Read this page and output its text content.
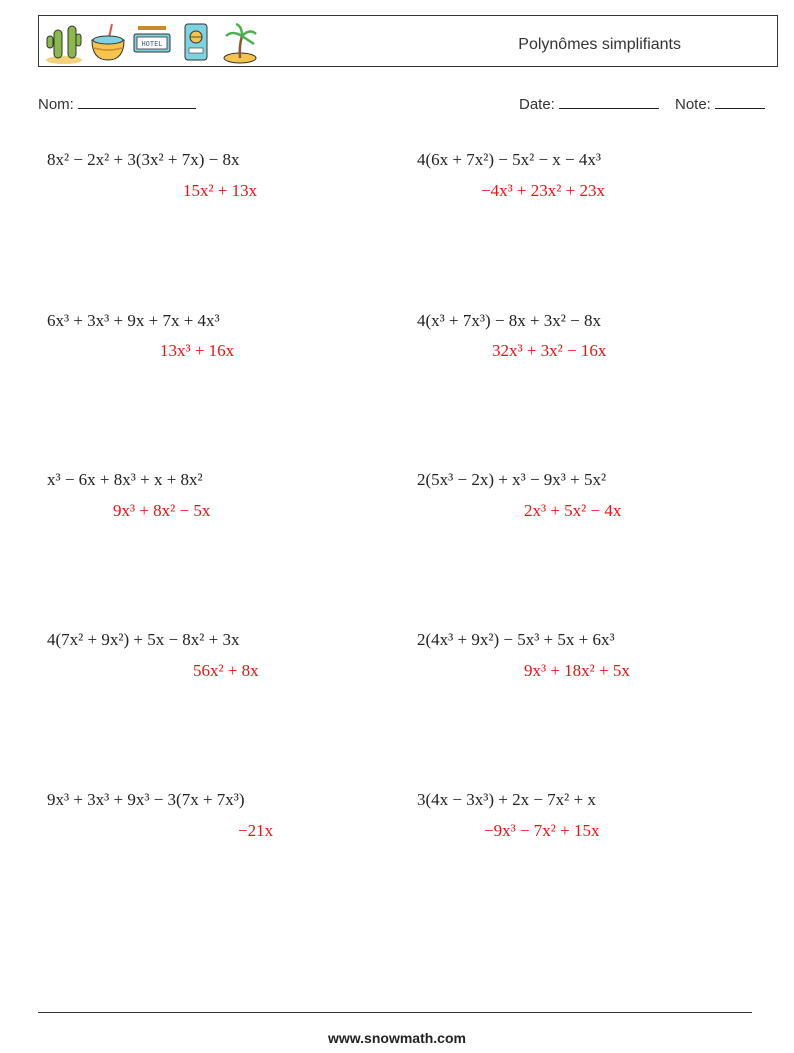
HOTEL	Polynômes simplifiants
Nom:	Date:	Note:
8x² − 2x² + 3(3x² + 7x) − 8x
15x² + 13x
6x³ + 3x³ + 9x + 7x + 4x³
13x³ + 16x
x³ − 6x + 8x³ + x + 8x²
9x³ + 8x² − 5x
4(7x² + 9x²) + 5x − 8x² + 3x
56x² + 8x
9x³ + 3x³ + 9x³ − 3(7x + 7x³)
−21x
4(6x + 7x²) − 5x² − x − 4x³
−4x³ + 23x² + 23x
4(x³ + 7x³) − 8x + 3x² − 8x
32x³ + 3x² − 16x
2(5x³ − 2x) + x³ − 9x³ + 5x²
2x³ + 5x² − 4x
2(4x³ + 9x²) − 5x³ + 5x + 6x³
9x³ + 18x² + 5x
3(4x − 3x³) + 2x − 7x² + x
−9x³ − 7x² + 15x
www.snowmath.com
